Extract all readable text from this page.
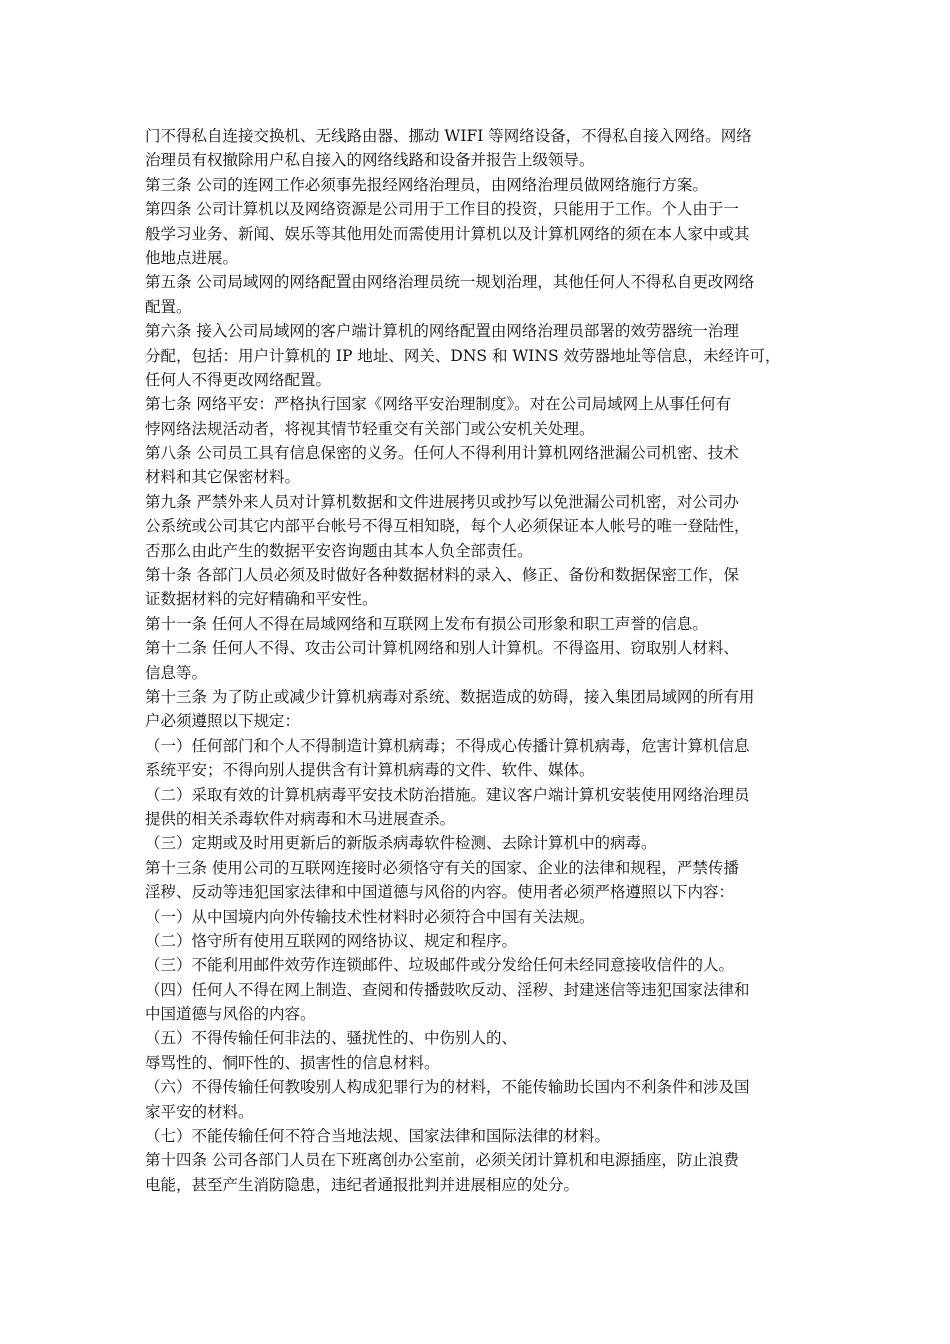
门不得私自连接交换机、无线路由器、挪动 WIFI 等网络设备，不得私自接入网络。网络
治理员有权撤除用户私自接入的网络线路和设备并报告上级领导。
第三条 公司的连网工作必须事先报经网络治理员，由网络治理员做网络施行方案。
第四条 公司计算机以及网络资源是公司用于工作目的投资，只能用于工作。个人由于一
般学习业务、新闻、娱乐等其他用处而需使用计算机以及计算机网络的须在本人家中或其
他地点进展。
第五条 公司局域网的网络配置由网络治理员统一规划治理，其他任何人不得私自更改网络
配置。
第六条 接入公司局域网的客户端计算机的网络配置由网络治理员部署的效劳器统一治理
分配，包括：用户计算机的 IP 地址、网关、DNS 和 WINS 效劳器地址等信息，未经许可，
任何人不得更改网络配置。
第七条 网络平安：严格执行国家《网络平安治理制度》。对在公司局域网上从事任何有
悖网络法规活动者，将视其情节轻重交有关部门或公安机关处理。
第八条 公司员工具有信息保密的义务。任何人不得利用计算机网络泄漏公司机密、技术
材料和其它保密材料。
第九条 严禁外来人员对计算机数据和文件进展拷贝或抄写以免泄漏公司机密，对公司办
公系统或公司其它内部平台帐号不得互相知晓，每个人必须保证本人帐号的唯一登陆性，
否那么由此产生的数据平安咨询题由其本人负全部责任。
第十条 各部门人员必须及时做好各种数据材料的录入、修正、备份和数据保密工作，保
证数据材料的完好精确和平安性。
第十一条 任何人不得在局域网络和互联网上发布有损公司形象和职工声誉的信息。
第十二条 任何人不得、攻击公司计算机网络和别人计算机。不得盗用、窃取别人材料、
信息等。
第十三条 为了防止或减少计算机病毒对系统、数据造成的妨碍，接入集团局域网的所有用
户必须遵照以下规定：
（一）任何部门和个人不得制造计算机病毒；不得成心传播计算机病毒，危害计算机信息
系统平安；不得向别人提供含有计算机病毒的文件、软件、媒体。
（二）采取有效的计算机病毒平安技术防治措施。建议客户端计算机安装使用网络治理员
提供的相关杀毒软件对病毒和木马进展查杀。
（三）定期或及时用更新后的新版杀病毒软件检测、去除计算机中的病毒。
第十三条 使用公司的互联网连接时必须恪守有关的国家、企业的法律和规程，严禁传播
淫秽、反动等违犯国家法律和中国道德与风俗的内容。使用者必须严格遵照以下内容：
（一）从中国境内向外传输技术性材料时必须符合中国有关法规。
（二）恪守所有使用互联网的网络协议、规定和程序。
（三）不能利用邮件效劳作连锁邮件、垃圾邮件或分发给任何未经同意接收信件的人。
（四）任何人不得在网上制造、查阅和传播鼓吹反动、淫秽、封建迷信等违犯国家法律和
中国道德与风俗的内容。
（五）不得传输任何非法的、骚扰性的、中伤别人的、
辱骂性的、恫吓性的、损害性的信息材料。
（六）不得传输任何教唆别人构成犯罪行为的材料，不能传输助长国内不利条件和涉及国
家平安的材料。
（七）不能传输任何不符合当地法规、国家法律和国际法律的材料。
第十四条 公司各部门人员在下班离创办公室前，必须关闭计算机和电源插座，防止浪费
电能，甚至产生消防隐患，违纪者通报批判并进展相应的处分。
